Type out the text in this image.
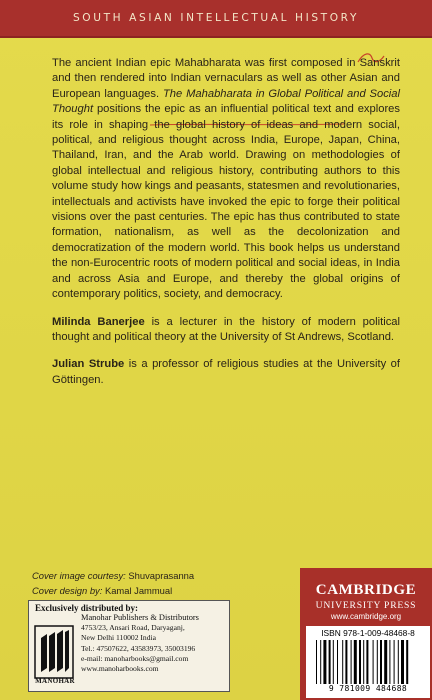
SOUTH ASIAN INTELLECTUAL HISTORY

The ancient Indian epic Mahabharata was first composed in Sanskrit and then rendered into Indian vernaculars as well as other Asian and European languages. The Mahabharata in Global Political and Social Thought positions the epic as an influential political text and explores its role in shaping the global history of ideas and modern social, political, and religious thought across India, Europe, Japan, China, Thailand, Iran, and the Arab world. Drawing on methodologies of global intellectual and religious history, contributing authors to this volume study how kings and peasants, statesmen and revolutionaries, intellectuals and activists have invoked the epic to forge their political visions over the past centuries. The epic has thus contributed to state formation, nationalism, as well as the decolonization and democratization of the modern world. This book helps us understand the non-Eurocentric roots of modern political and social ideas, in India and across Asia and Europe, and thereby the global origins of contemporary politics, society, and democracy.

Milinda Banerjee is a lecturer in the history of modern political thought and political theory at the University of St Andrews, Scotland.

Julian Strube is a professor of religious studies at the University of Göttingen.

Cover image courtesy: Shuvaprasanna
Cover design by: Kamal Jammual
Exclusively distributed by:
MANOHAR
Manohar Publishers & Distributors
4753/23, Ansari Road, Daryaganj,
New Delhi 110002 India
Tel.: 47507622, 43583973, 35003196
e-mail: manoharbooks@gmail.com
www.manoharbooks.com
CAMBRIDGE
UNIVERSITY PRESS
www.cambridge.org
ISBN 978-1-009-48468-8
9 781009 484688
